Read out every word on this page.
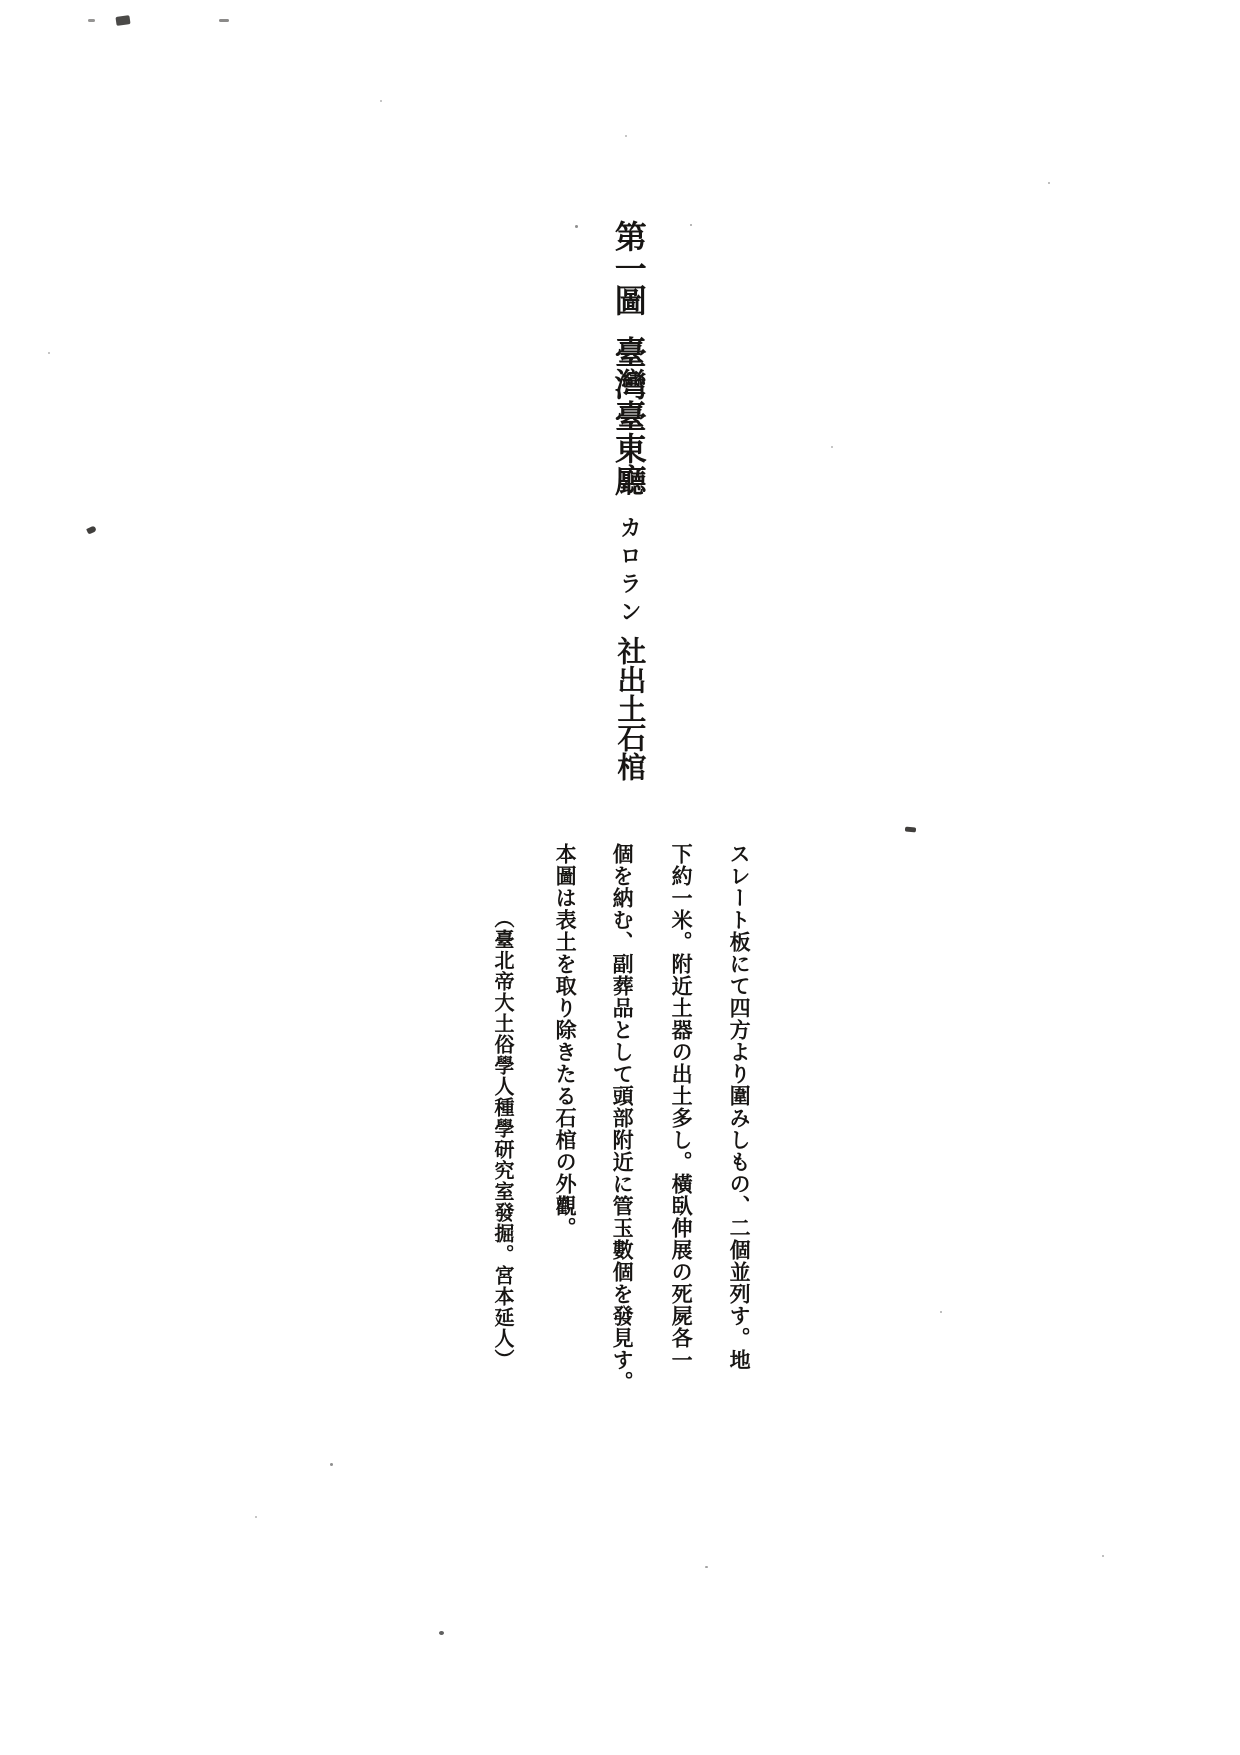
第一圖
臺灣臺東廳
カロラン
社出土石棺
スレート板にて四方より圍みしもの、二個並列す。地
下約一米。附近土器の出土多し。橫臥伸展の死屍各一
個を納む、副葬品として頭部附近に管玉數個を發見す。
本圖は表土を取り除きたる石棺の外觀。
（臺北帝大土俗學人種學研究室發掘。宮本延人）
